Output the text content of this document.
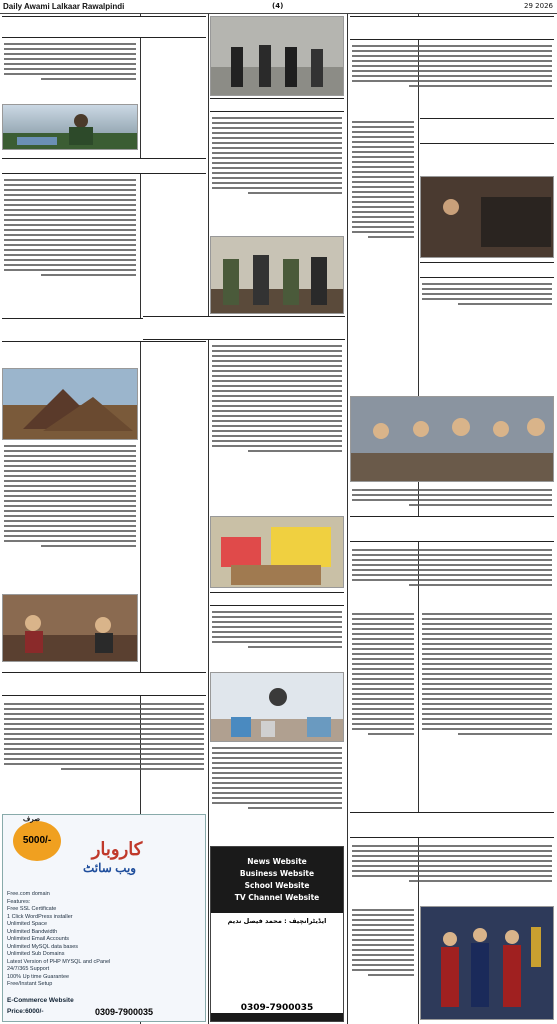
Daily Awami Lalkaar Rawalpindi	(4)	29 2026
5000/-
صرف
کاروبار
ویب سائٹ
Free.com domain
Features:
Free SSL Certificate
1 Click WordPress installer
Unlimited Space
Unlimited Bandwidth
Unlimited Email Accounts
Unlimited MySQL data bases
Unlimited Sub Domains
Latest Version of PHP MYSQL and cPanel
24/7/365 Support
100% Up time Guarantee
Free/Instant Setup
E-Commerce Website
Price:6000/-	0309-7900035
News Website
Business Website
School Website
TV Channel Website
ایڈیٹرانچیف : محمد فیصل ندیم
0309-7900035
